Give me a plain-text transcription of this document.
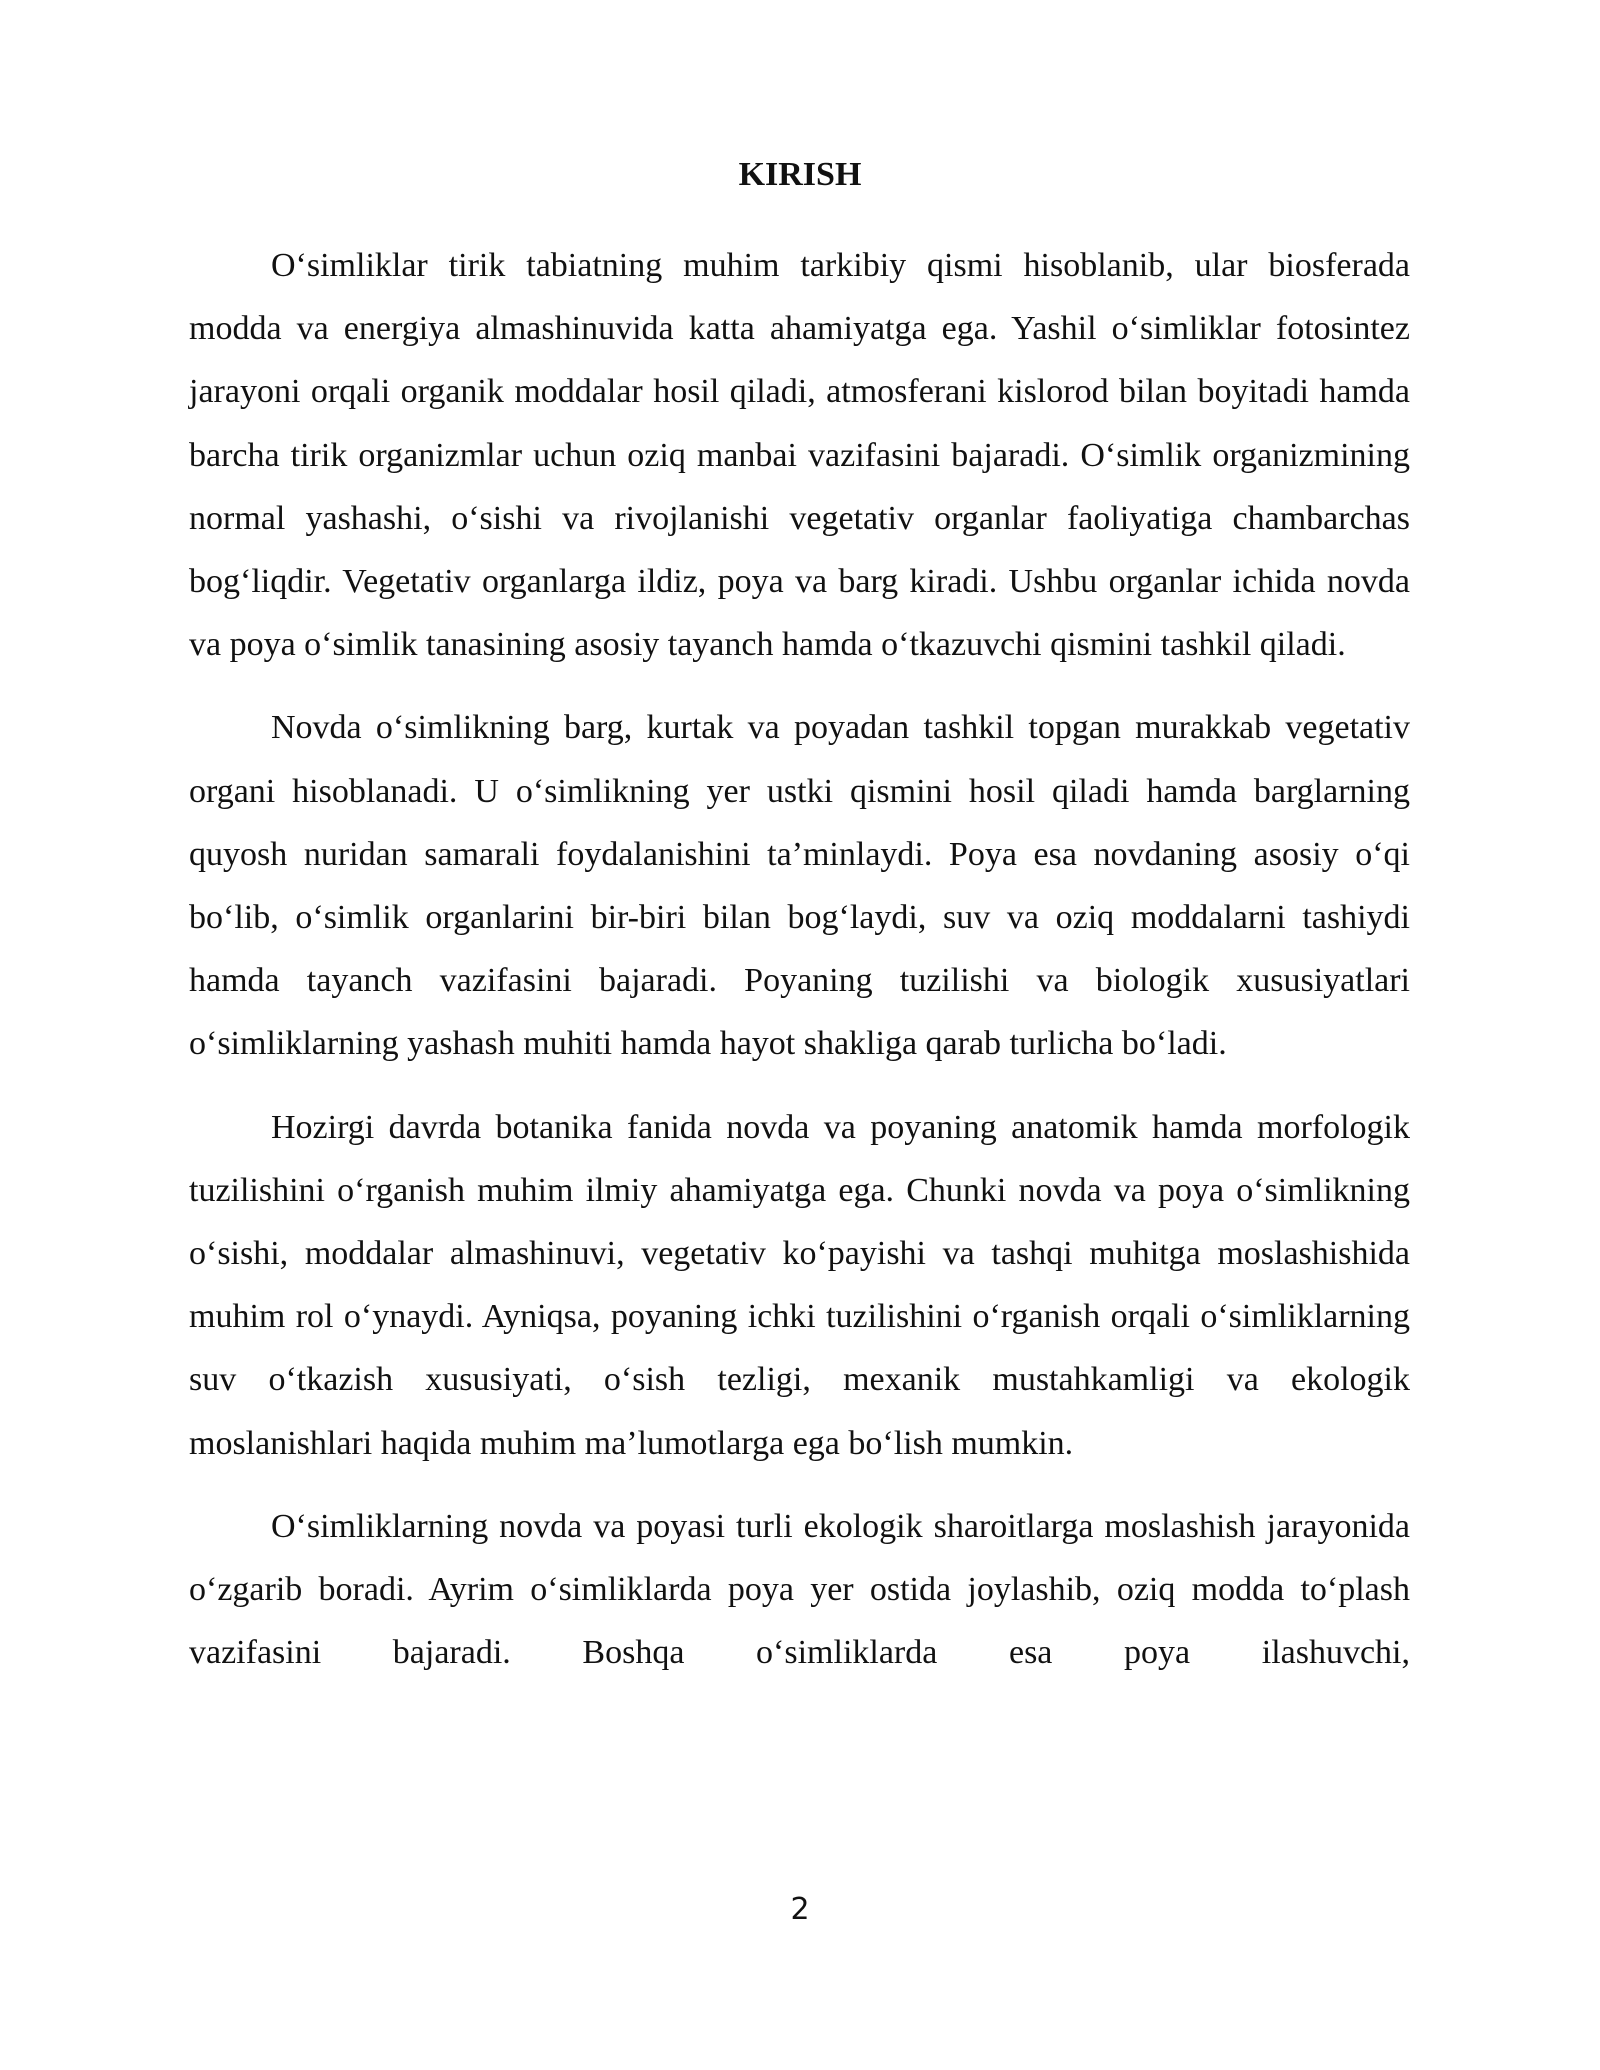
KIRISH

O‘simliklar tirik tabiatning muhim tarkibiy qismi hisoblanib, ular biosferada modda va energiya almashinuvida katta ahamiyatga ega. Yashil o‘simliklar fotosintez jarayoni orqali organik moddalar hosil qiladi, atmosferani kislorod bilan boyitadi hamda barcha tirik organizmlar uchun oziq manbai vazifasini bajaradi. O‘simlik organizmining normal yashashi, o‘sishi va rivojlanishi vegetativ organlar faoliyatiga chambarchas bog‘liqdir. Vegetativ organlarga ildiz, poya va barg kiradi. Ushbu organlar ichida novda va poya o‘simlik tanasining asosiy tayanch hamda o‘tkazuvchi qismini tashkil qiladi.

Novda o‘simlikning barg, kurtak va poyadan tashkil topgan murakkab vegetativ organi hisoblanadi. U o‘simlikning yer ustki qismini hosil qiladi hamda barglarning quyosh nuridan samarali foydalanishini ta’minlaydi. Poya esa novdaning asosiy o‘qi bo‘lib, o‘simlik organlarini bir-biri bilan bog‘laydi, suv va oziq moddalarni tashiydi hamda tayanch vazifasini bajaradi. Poyaning tuzilishi va biologik xususiyatlari o‘simliklarning yashash muhiti hamda hayot shakliga qarab turlicha bo‘ladi.

Hozirgi davrda botanika fanida novda va poyaning anatomik hamda morfologik tuzilishini o‘rganish muhim ilmiy ahamiyatga ega. Chunki novda va poya o‘simlikning o‘sishi, moddalar almashinuvi, vegetativ ko‘payishi va tashqi muhitga moslashishida muhim rol o‘ynaydi. Ayniqsa, poyaning ichki tuzilishini o‘rganish orqali o‘simliklarning suv o‘tkazish xususiyati, o‘sish tezligi, mexanik mustahkamligi va ekologik moslanishlari haqida muhim ma’lumotlarga ega bo‘lish mumkin.

O‘simliklarning novda va poyasi turli ekologik sharoitlarga moslashish jarayonida o‘zgarib boradi. Ayrim o‘simliklarda poya yer ostida joylashib, oziq modda to‘plash vazifasini bajaradi. Boshqa o‘simliklarda esa poya ilashuvchi,

2
